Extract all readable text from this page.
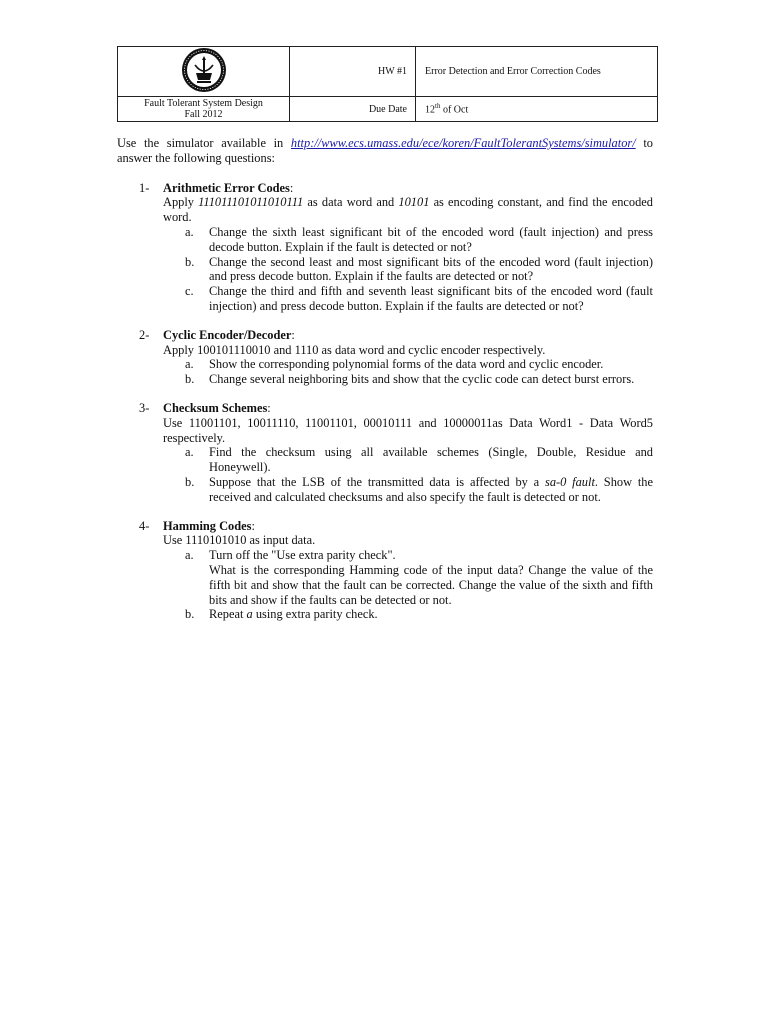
	HW #1	Error Detection and Error Correction Codes

Fault Tolerant System Design
Fall 2012	Due Date	12th of Oct
Use the simulator available in http://www.ecs.umass.edu/ece/koren/FaultTolerantSystems/simulator/ to answer the following questions:
1-	Arithmetic Error Codes:
Apply 111011101011010111 as data word and 10101 as encoding constant, and find the encoded word.
a.	Change the sixth least significant bit of the encoded word (fault injection) and press decode button. Explain if the fault is detected or not?
b.	Change the second least and most significant bits of the encoded word (fault injection) and press decode button. Explain if the faults are detected or not?
c.	Change the third and fifth and seventh least significant bits of the encoded word (fault injection) and press decode button. Explain if the faults are detected or not?
2-	Cyclic Encoder/Decoder:
Apply 100101110010 and 1110 as data word and cyclic encoder respectively.
a.	Show the corresponding polynomial forms of the data word and cyclic encoder.
b.	Change several neighboring bits and show that the cyclic code can detect burst errors.
3-	Checksum Schemes:
Use 11001101, 10011110, 11001101, 00010111 and 10000011as Data Word1 - Data Word5 respectively.
a.	Find the checksum using all available schemes (Single, Double, Residue and Honeywell).
b.	Suppose that the LSB of the transmitted data is affected by a sa-0 fault. Show the received and calculated checksums and also specify the fault is detected or not.
4-	Hamming Codes:
Use 1110101010 as input data.
a.	Turn off the "Use extra parity check".
What is the corresponding Hamming code of the input data? Change the value of the fifth bit and show that the fault can be corrected. Change the value of the sixth and fifth bits and show if the faults can be detected or not.
b.	Repeat a using extra parity check.
